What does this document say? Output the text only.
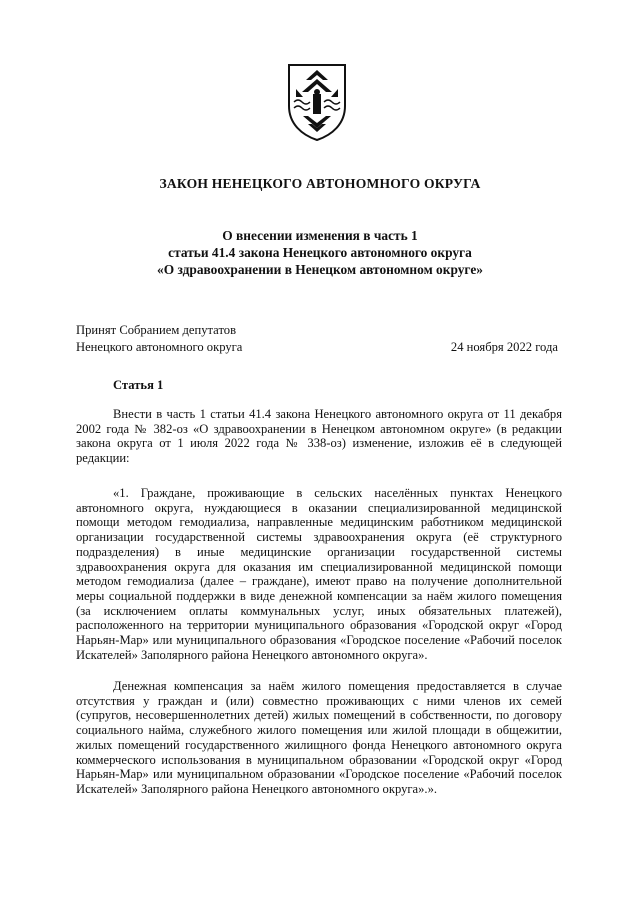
ЗАКОН НЕНЕЦКОГО АВТОНОМНОГО ОКРУГА
О внесении изменения в часть 1
статьи 41.4 закона Ненецкого автономного округа
«О здравоохранении в Ненецком автономном округе»
Принят Собранием депутатов
Ненецкого автономного округа	24 ноября 2022 года
Статья 1

Внести в часть 1 статьи 41.4 закона Ненецкого автономного округа от 11 декабря 2002 года № 382-оз «О здравоохранении в Ненецком автономном округе» (в редакции закона округа от 1 июля 2022 года № 338-оз) изменение, изложив её в следующей редакции:

«1. Граждане, проживающие в сельских населённых пунктах Ненецкого автономного округа, нуждающиеся в оказании специализированной медицинской помощи методом гемодиализа, направленные медицинским работником медицинской организации государственной системы здравоохранения округа (её структурного подразделения) в иные медицинские организации государственной системы здравоохранения округа для оказания им специализированной медицинской помощи методом гемодиализа (далее – граждане), имеют право на получение дополнительной меры социальной поддержки в виде денежной компенсации за наём жилого помещения (за исключением оплаты коммунальных услуг, иных обязательных платежей), расположенного на территории муниципального образования «Городской округ «Город Нарьян-Мар» или муниципального образования «Городское поселение «Рабочий поселок Искателей» Заполярного района Ненецкого автономного округа».

Денежная компенсация за наём жилого помещения предоставляется в случае отсутствия у граждан и (или) совместно проживающих с ними членов их семей (супругов, несовершеннолетних детей) жилых помещений в собственности, по договору социального найма, служебного жилого помещения или жилой площади в общежитии, жилых помещений государственного жилищного фонда Ненецкого автономного округа коммерческого использования в муниципальном образовании «Городской округ «Город Нарьян-Мар» или муниципальном образовании «Городское поселение «Рабочий поселок Искателей» Заполярного района Ненецкого автономного округа».».
